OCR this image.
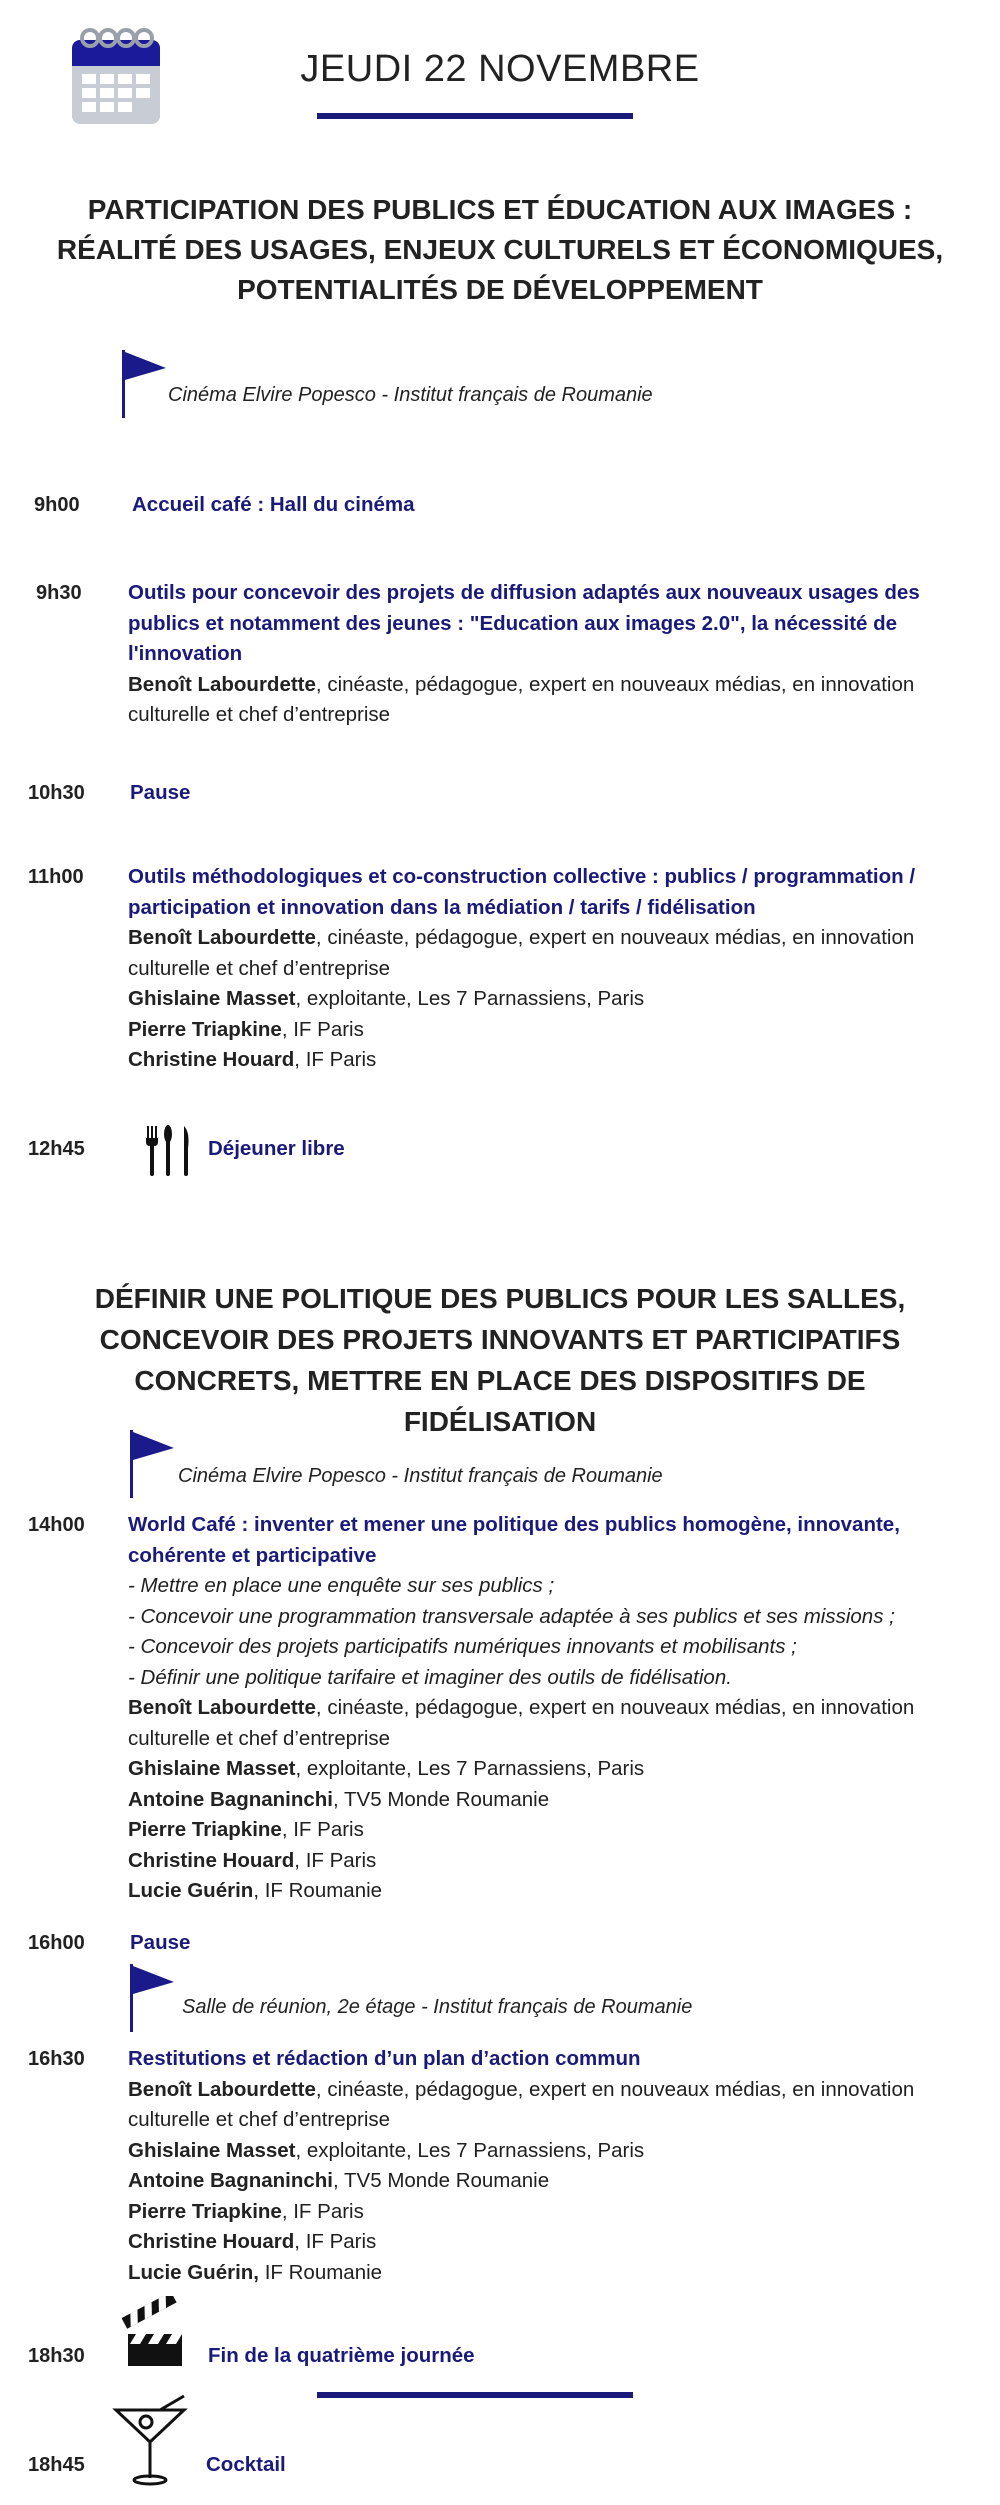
JEUDI 22 NOVEMBRE
PARTICIPATION DES PUBLICS ET ÉDUCATION AUX IMAGES :
RÉALITÉ DES USAGES, ENJEUX CULTURELS ET ÉCONOMIQUES,
POTENTIALITÉS DE DÉVELOPPEMENT
Cinéma Elvire Popesco - Institut français de Roumanie
9h00	Accueil café : Hall du cinéma
9h30 Outils pour concevoir des projets de diffusion adaptés aux nouveaux usages des
publics et notamment des jeunes : "Education aux images 2.0", la nécessité de
l'innovation
Benoît Labourdette, cinéaste, pédagogue, expert en nouveaux médias, en innovation
culturelle et chef d’entreprise
10h30 Pause
11h00 Outils méthodologiques et co-construction collective : publics / programmation /
participation et innovation dans la médiation / tarifs / fidélisation
Benoît Labourdette, cinéaste, pédagogue, expert en nouveaux médias, en innovation
culturelle et chef d’entreprise
Ghislaine Masset, exploitante, Les 7 Parnassiens, Paris
Pierre Triapkine, IF Paris
Christine Houard, IF Paris
12h45	Déjeuner libre
DÉFINIR UNE POLITIQUE DES PUBLICS POUR LES SALLES,
CONCEVOIR DES PROJETS INNOVANTS ET PARTICIPATIFS
CONCRETS, METTRE EN PLACE DES DISPOSITIFS DE
FIDÉLISATION
Cinéma Elvire Popesco - Institut français de Roumanie
14h00 World Café : inventer et mener une politique des publics homogène, innovante,
cohérente et participative
- Mettre en place une enquête sur ses publics ;
- Concevoir une programmation transversale adaptée à ses publics et ses missions ;
- Concevoir des projets participatifs numériques innovants et mobilisants ;
- Définir une politique tarifaire et imaginer des outils de fidélisation.
Benoît Labourdette, cinéaste, pédagogue, expert en nouveaux médias, en innovation
culturelle et chef d’entreprise
Ghislaine Masset, exploitante, Les 7 Parnassiens, Paris
Antoine Bagnaninchi, TV5 Monde Roumanie
Pierre Triapkine, IF Paris
Christine Houard, IF Paris
Lucie Guérin, IF Roumanie
16h00 Pause
Salle de réunion, 2e étage - Institut français de Roumanie
16h30 Restitutions et rédaction d’un plan d’action commun
Benoît Labourdette, cinéaste, pédagogue, expert en nouveaux médias, en innovation
culturelle et chef d’entreprise
Ghislaine Masset, exploitante, Les 7 Parnassiens, Paris
Antoine Bagnaninchi, TV5 Monde Roumanie
Pierre Triapkine, IF Paris
Christine Houard, IF Paris
Lucie Guérin, IF Roumanie
18h30	Fin de la quatrième journée
18h45	Cocktail
